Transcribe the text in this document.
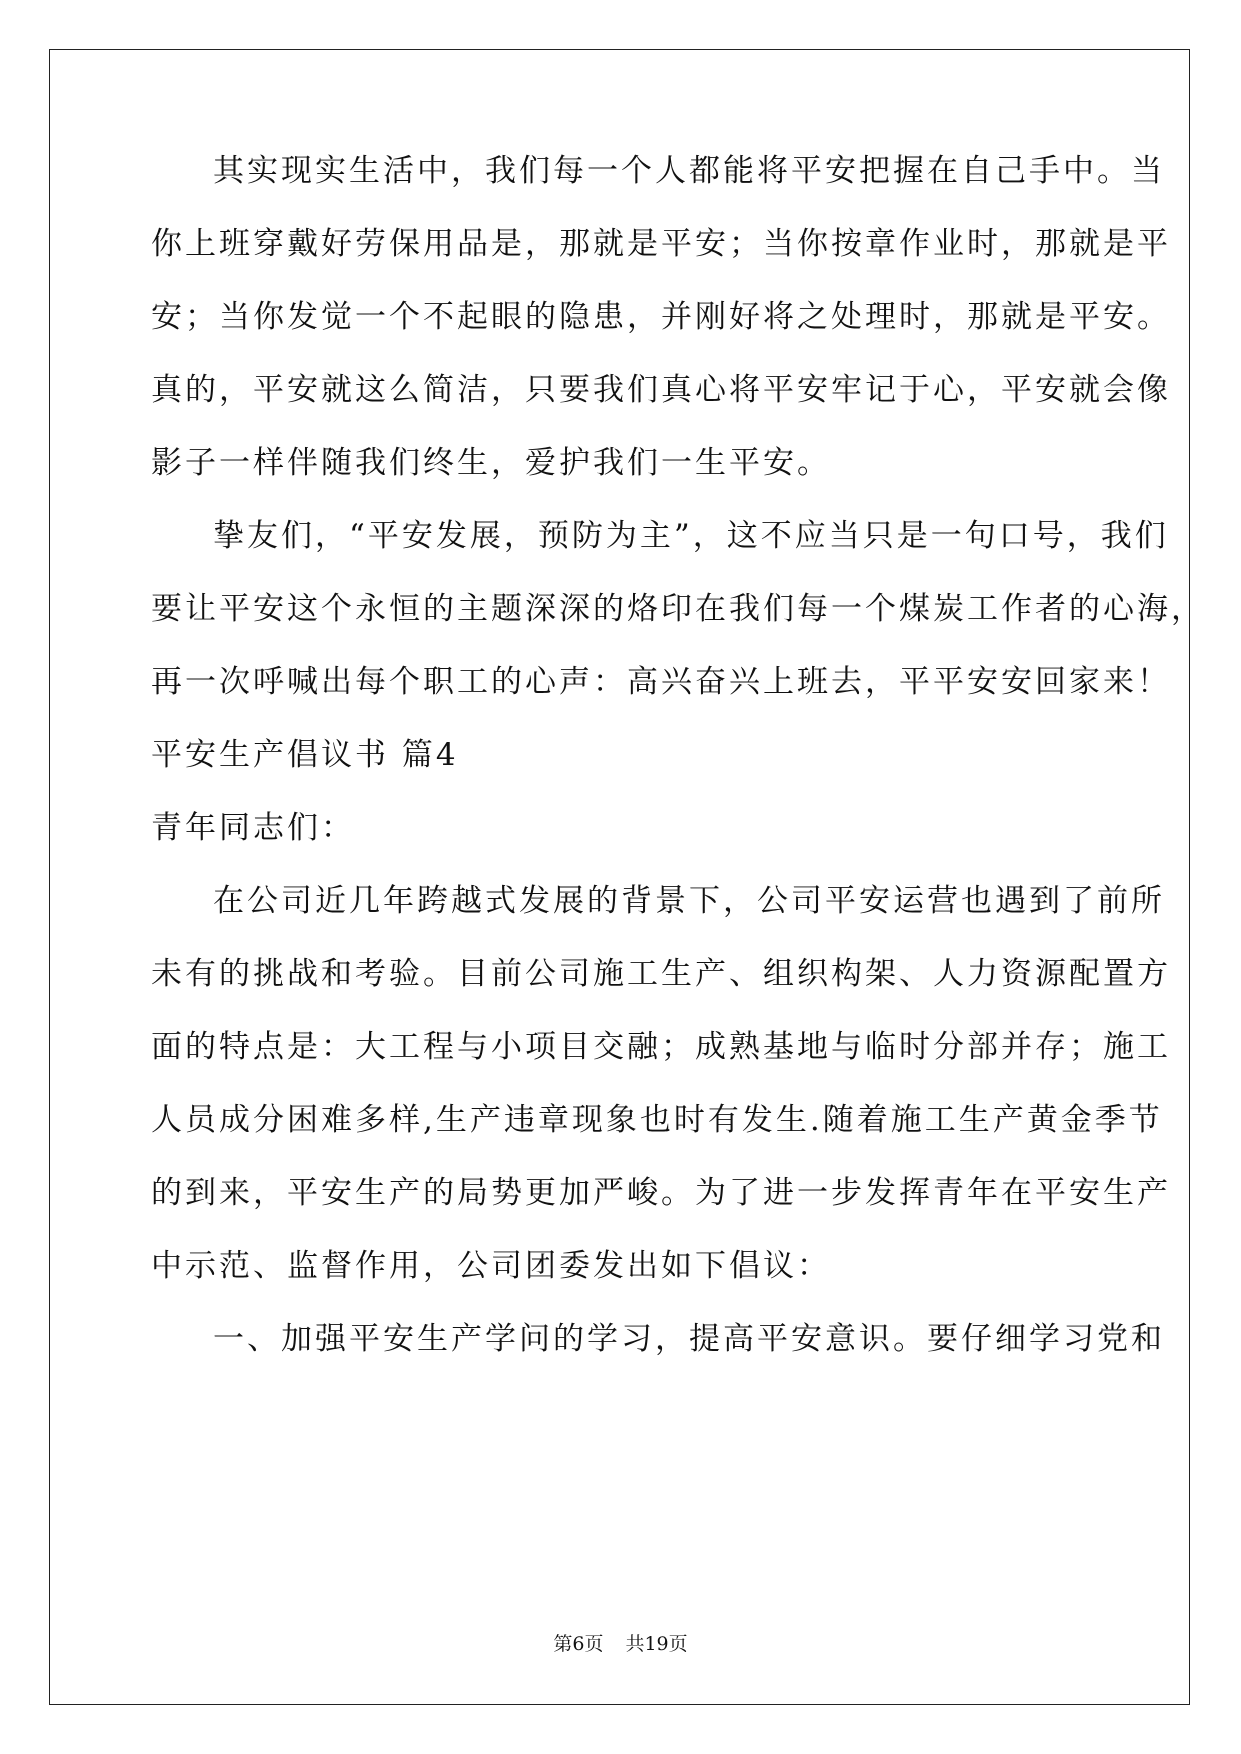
其实现实生活中，我们每一个人都能将平安把握在自己手中。当
你上班穿戴好劳保用品是，那就是平安；当你按章作业时，那就是平
安；当你发觉一个不起眼的隐患，并刚好将之处理时，那就是平安。
真的，平安就这么简洁，只要我们真心将平安牢记于心，平安就会像
影子一样伴随我们终生，爱护我们一生平安。
挚友们，“平安发展，预防为主”，这不应当只是一句口号，我们
要让平安这个永恒的主题深深的烙印在我们每一个煤炭工作者的心海，
再一次呼喊出每个职工的心声：高兴奋兴上班去，平平安安回家来！
平安生产倡议书 篇4
青年同志们：
在公司近几年跨越式发展的背景下，公司平安运营也遇到了前所
未有的挑战和考验。目前公司施工生产、组织构架、人力资源配置方
面的特点是：大工程与小项目交融；成熟基地与临时分部并存；施工
人员成分困难多样,生产违章现象也时有发生.随着施工生产黄金季节
的到来，平安生产的局势更加严峻。为了进一步发挥青年在平安生产
中示范、监督作用，公司团委发出如下倡议：
一、加强平安生产学问的学习，提高平安意识。要仔细学习党和
第6页 共19页
